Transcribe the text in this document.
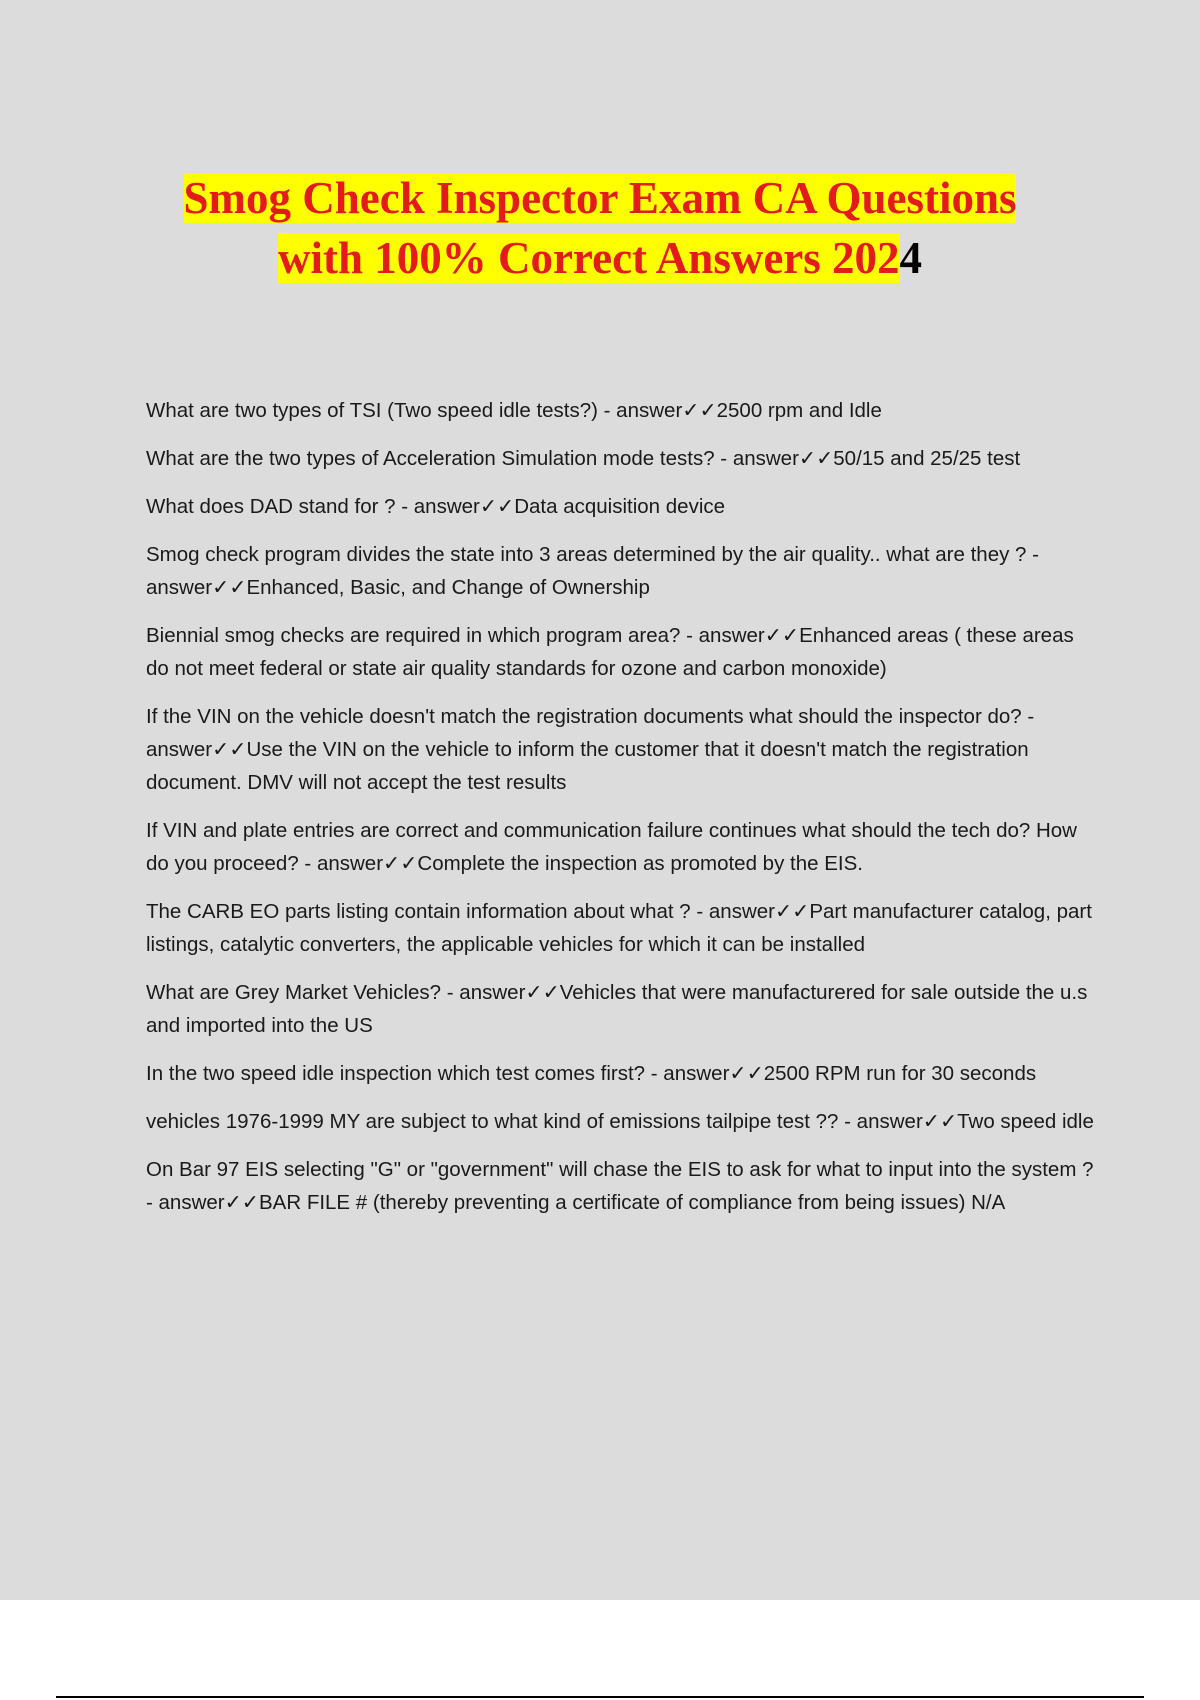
Smog Check Inspector Exam CA Questions
with 100% Correct Answers 2024

What are two types of TSI (Two speed idle tests?) - answer✓✓2500 rpm and Idle

What are the two types of Acceleration Simulation mode tests? - answer✓✓50/15 and 25/25 test

What does DAD stand for ? - answer✓✓Data acquisition device

Smog check program divides the state into 3 areas determined by the air quality.. what are they ? - answer✓✓Enhanced, Basic, and Change of Ownership

Biennial smog checks are required in which program area? - answer✓✓Enhanced areas ( these areas do not meet federal or state air quality standards for ozone and carbon monoxide)

If the VIN on the vehicle doesn't match the registration documents what should the inspector do? - answer✓✓Use the VIN on the vehicle to inform the customer that it doesn't match the registration document. DMV will not accept the test results

If VIN and plate entries are correct and communication failure continues what should the tech do? How do you proceed? - answer✓✓Complete the inspection as promoted by the EIS.

The CARB EO parts listing contain information about what ? - answer✓✓Part manufacturer catalog, part listings, catalytic converters, the applicable vehicles for which it can be installed

What are Grey Market Vehicles? - answer✓✓Vehicles that were manufacturered for sale outside the u.s and imported into the US

In the two speed idle inspection which test comes first? - answer✓✓2500 RPM run for 30 seconds

vehicles 1976-1999 MY are subject to what kind of emissions tailpipe test ?? - answer✓✓Two speed idle

On Bar 97 EIS selecting "G" or "government" will chase the EIS to ask for what to input into the system ? - answer✓✓BAR FILE # (thereby preventing a certificate of compliance from being issues) N/A
